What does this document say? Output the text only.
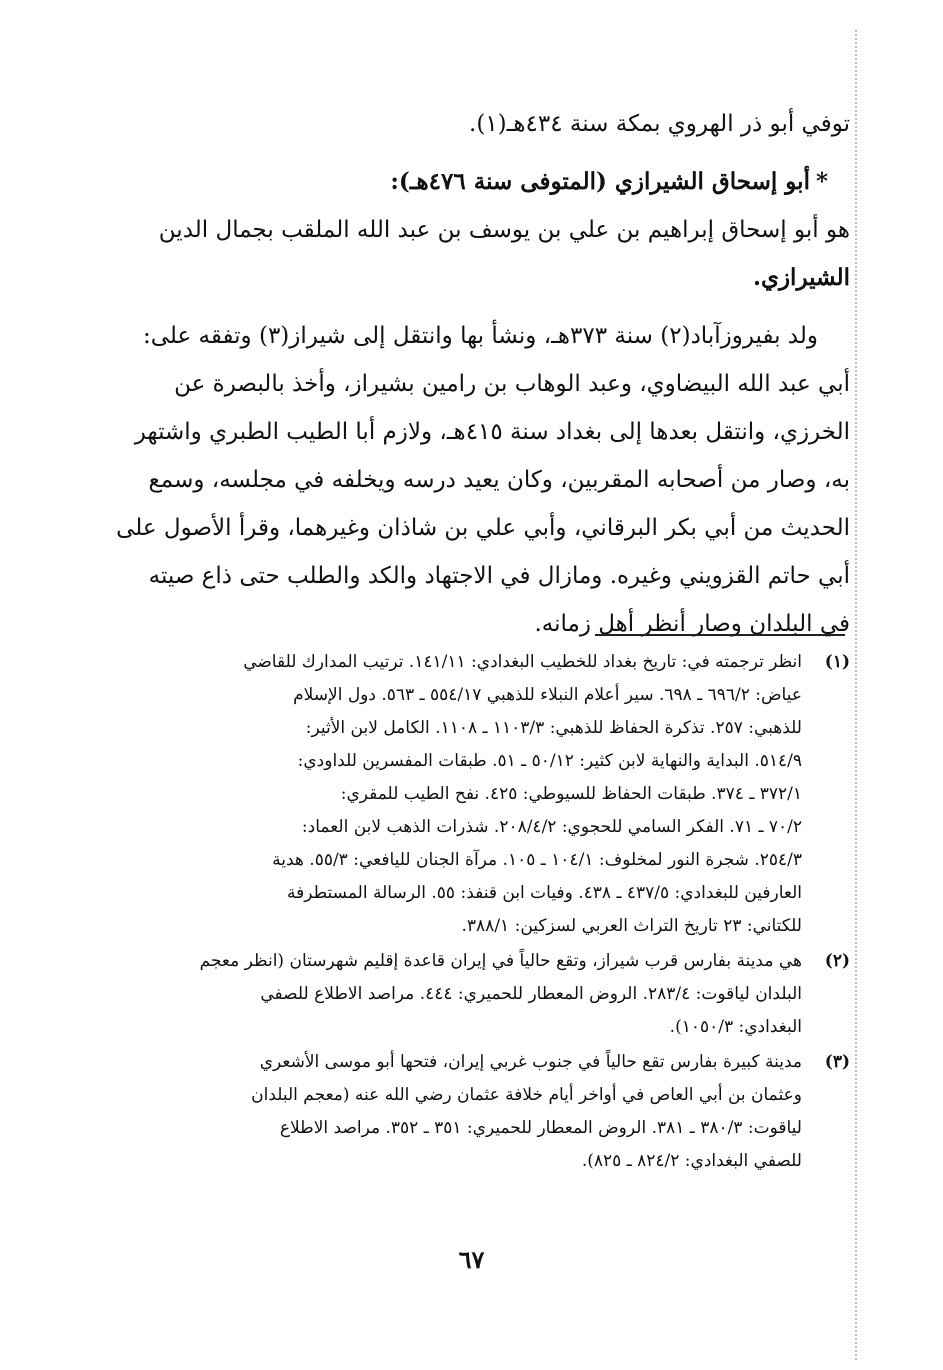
توفي أبو ذر الهروي بمكة سنة ٤٣٤هـ(١).

*أبو إسحاق الشيرازي (المتوفى سنة ٤٧٦هـ):

هو أبو إسحاق إبراهيم بن علي بن يوسف بن عبد الله الملقب بجمال الدين

الشيرازي.

ولد بفيروزآباد(٢) سنة ٣٧٣هـ، ونشأ بها وانتقل إلى شيراز(٣) وتفقه على:

أبي عبد الله البيضاوي، وعبد الوهاب بن رامين بشيراز، وأخذ بالبصرة عن

الخرزي، وانتقل بعدها إلى بغداد سنة ٤١٥هـ، ولازم أبا الطيب الطبري واشتهر

به، وصار من أصحابه المقربين، وكان يعيد درسه ويخلفه في مجلسه، وسمع

الحديث من أبي بكر البرقاني، وأبي علي بن شاذان وغيرهما، وقرأ الأصول على

أبي حاتم القزويني وغيره. ومازال في الاجتهاد والكد والطلب حتى ذاع صيته

في البلدان وصار أنظر أهل زمانه.

(١)
انظر ترجمته في: تاريخ بغداد للخطيب البغدادي: ١٤١/١١. ترتيب المدارك للقاضي
عياض: ٦٩٦/٢ ـ ٦٩٨. سير أعلام النبلاء للذهبي ٥٥٤/١٧ ـ ٥٦٣. دول الإسلام
للذهبي: ٢٥٧. تذكرة الحفاظ للذهبي: ١١٠٣/٣ ـ ١١٠٨. الكامل لابن الأثير:
٥١٤/٩. البداية والنهاية لابن كثير: ٥٠/١٢ ـ ٥١. طبقات المفسرين للداودي:
٣٧٢/١ ـ ٣٧٤. طبقات الحفاظ للسيوطي: ٤٢٥. نفح الطيب للمقري:
٧٠/٢ ـ ٧١. الفكر السامي للحجوي: ٢٠٨/٤/٢. شذرات الذهب لابن العماد:
٢٥٤/٣. شجرة النور لمخلوف: ١٠٤/١ ـ ١٠٥. مرآة الجنان لليافعي: ٥٥/٣. هدية
العارفين للبغدادي: ٤٣٧/٥ ـ ٤٣٨. وفيات ابن قنفذ: ٥٥. الرسالة المستطرفة
للكتاني: ٢٣ تاريخ التراث العربي لسزكين: ٣٨٨/١.
(٢)
هي مدينة بفارس قرب شيراز، وتقع حالياً في إيران قاعدة إقليم شهرستان (انظر معجم
البلدان لياقوت: ٢٨٣/٤. الروض المعطار للحميري: ٤٤٤. مراصد الاطلاع للصفي
البغدادي: ١٠٥٠/٣).
(٣)
مدينة كبيرة بفارس تقع حالياً في جنوب غربي إيران، فتحها أبو موسى الأشعري
وعثمان بن أبي العاص في أواخر أيام خلافة عثمان رضي الله عنه (معجم البلدان
لياقوت: ٣٨٠/٣ ـ ٣٨١. الروض المعطار للحميري: ٣٥١ ـ ٣٥٢. مراصد الاطلاع
للصفي البغدادي: ٨٢٤/٢ ـ ٨٢٥).
٦٧
